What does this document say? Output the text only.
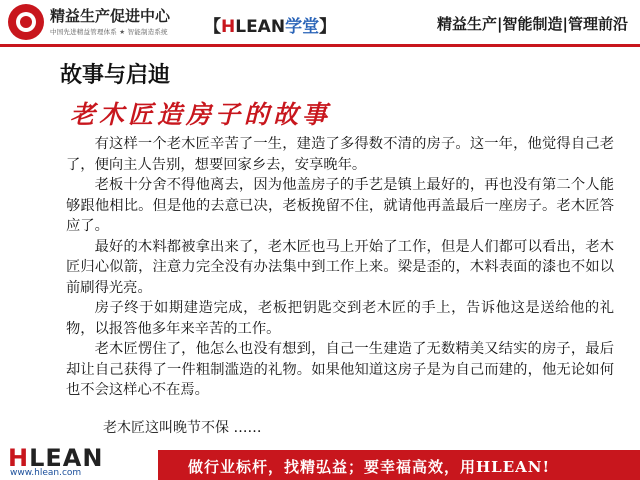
精益生产促进中心
中国先进精益管理体系 ★ 智能制造系统 【HLEAN学堂】	精益生产|智能制造|管理前沿
故事与启迪
老木匠造房子的故事

有这样一个老木匠辛苦了一生，建造了多得数不清的房子。这一年，他觉得自己老了，便向主人告别，想要回家乡去，安享晚年。

老板十分舍不得他离去，因为他盖房子的手艺是镇上最好的，再也没有第二个人能够跟他相比。但是他的去意已决，老板挽留不住，就请他再盖最后一座房子。老木匠答应了。

最好的木料都被拿出来了，老木匠也马上开始了工作，但是人们都可以看出，老木匠归心似箭，注意力完全没有办法集中到工作上来。梁是歪的，木料表面的漆也不如以前刷得光亮。

房子终于如期建造完成，老板把钥匙交到老木匠的手上，告诉他这是送给他的礼物，以报答他多年来辛苦的工作。

老木匠愣住了，他怎么也没有想到，自己一生建造了无数精美又结实的房子，最后却让自己获得了一件粗制滥造的礼物。如果他知道这房子是为自己而建的，他无论如何也不会这样心不在焉。

老木匠这叫晚节不保 ……
HLEAN
www.hlean.com	做行业标杆，找精弘益；要幸福高效，用HLEAN!
